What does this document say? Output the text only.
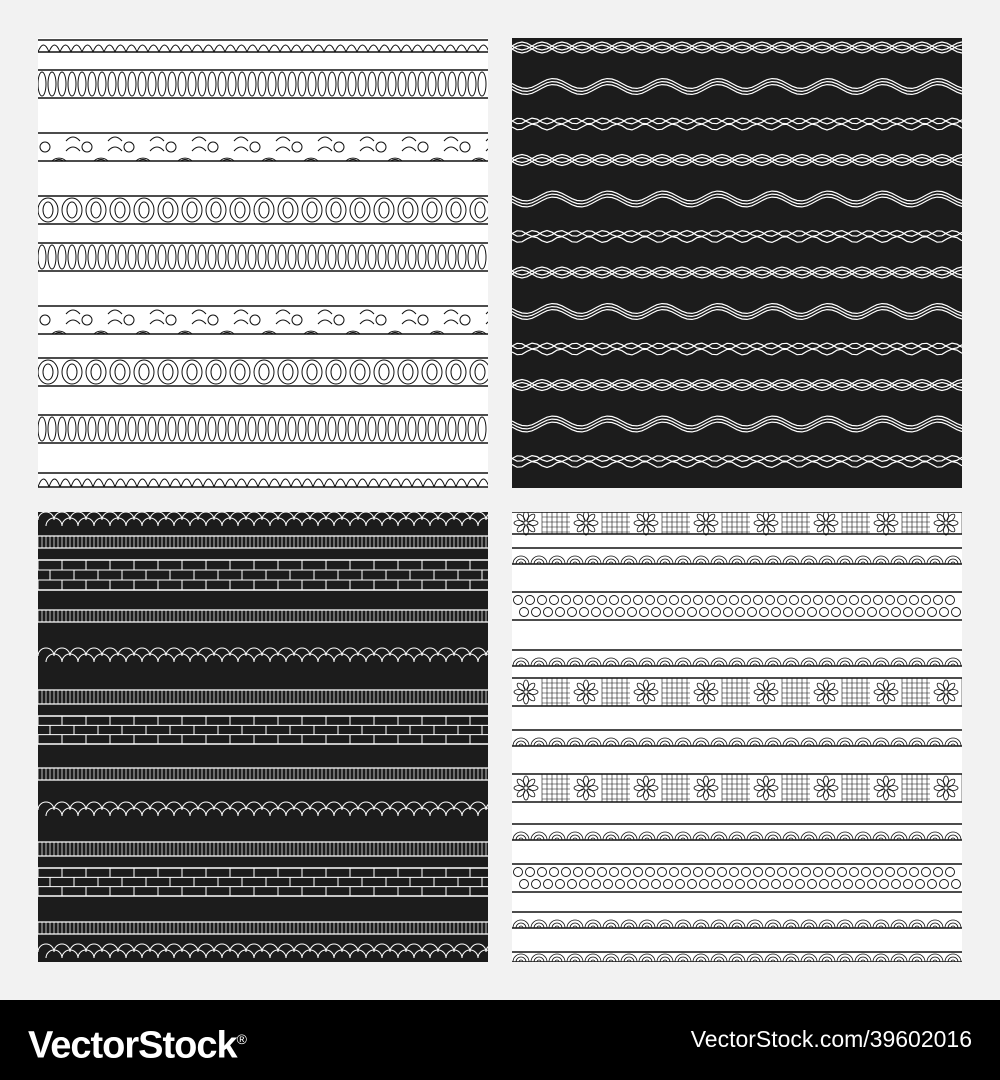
VectorStock®	VectorStock.com/39602016
